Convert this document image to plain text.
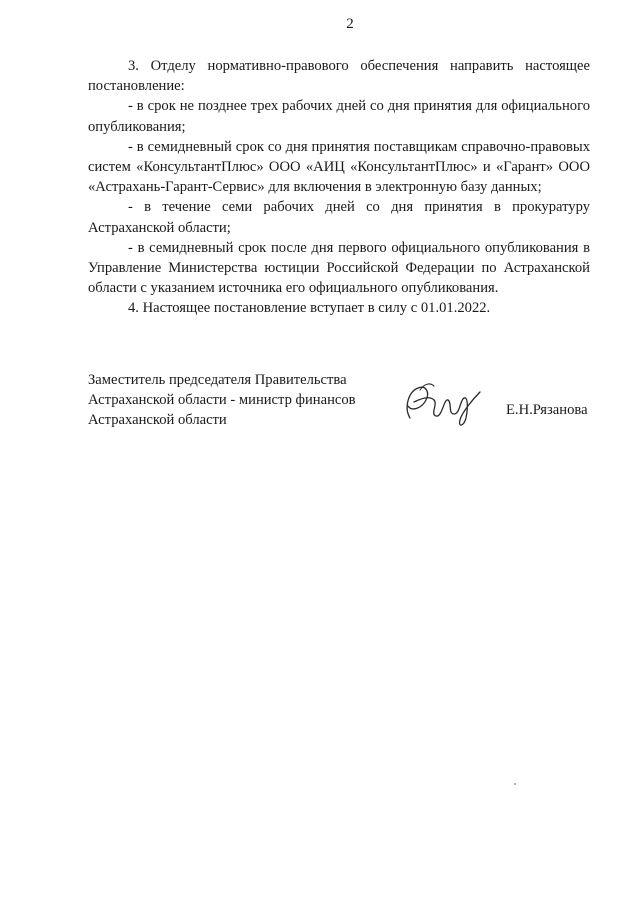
2

3. Отделу нормативно-правового обеспечения направить настоящее постановление:

- в срок не позднее трех рабочих дней со дня принятия для официального опубликования;

- в семидневный срок со дня принятия поставщикам справочно-правовых систем «КонсультантПлюс» ООО «АИЦ «КонсультантПлюс» и «Гарант» ООО «Астрахань-Гарант-Сервис» для включения в электронную базу данных;

- в течение семи рабочих дней со дня принятия в прокуратуру Астраханской области;

- в семидневный срок после дня первого официального опубликования в Управление Министерства юстиции Российской Федерации по Астраханской области с указанием источника его официального опубликования.

4. Настоящее постановление вступает в силу с 01.01.2022.

Заместитель председателя Правительства
Астраханской области - министр финансов
Астраханской области
Е.Н.Рязанова
